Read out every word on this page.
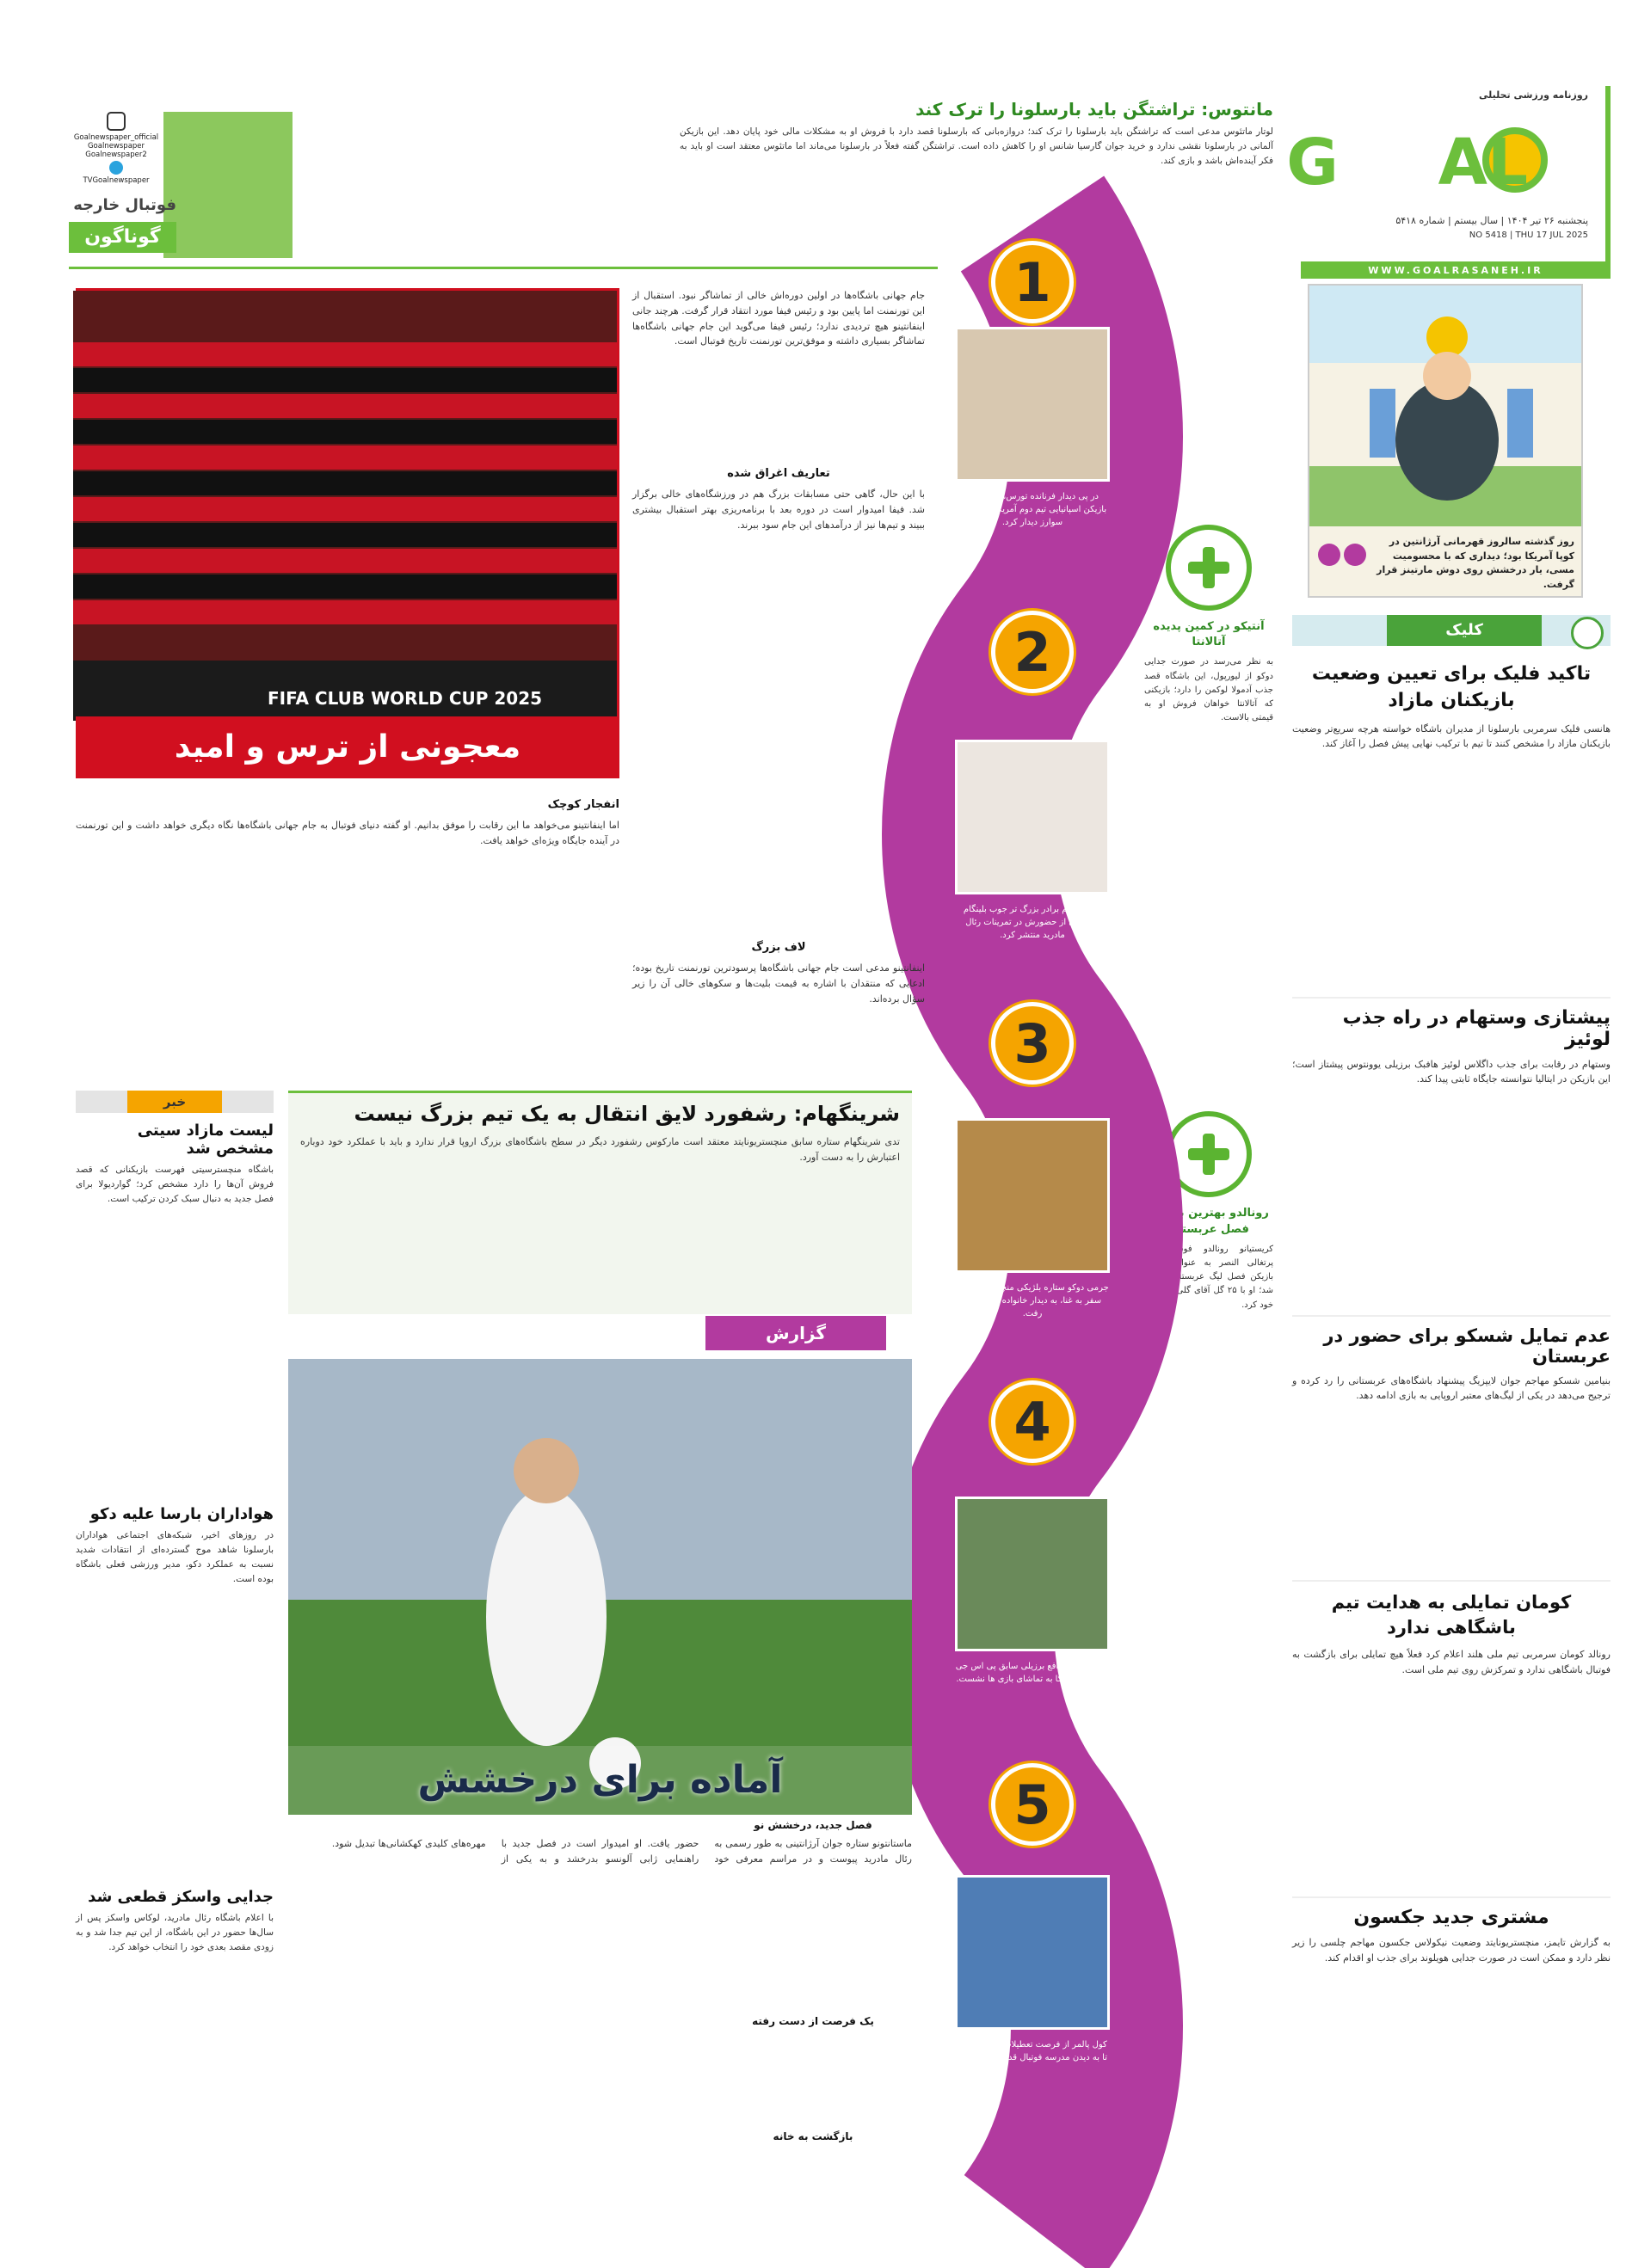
روزنامه ورزشی تحلیلی
G AL
پنجشنبه ۲۶ تیر ۱۴۰۴ | سال بیستم | شماره ۵۴۱۸
NO 5418 | THU 17 JUL 2025
WWW.GOALRASANEH.IR
مانتوس: تراشتگن باید بارسلونا را ترک کند
لوتار ماتئوس مدعی است که تراشتگن باید بارسلونا را ترک کند؛ دروازه‌بانی که بارسلونا قصد دارد با فروش او به مشکلات مالی خود پایان دهد. این بازیکن آلمانی در بارسلونا نقشی ندارد و خرید جوان گارسیا شانس او را کاهش داده است. تراشتگن گفته فعلاً در بارسلونا می‌ماند اما ماتئوس معتقد است او باید به فکر آینده‌اش باشد و بازی کند.
فوتبال خارجه
گوناگون
Goalnewspaper_official
Goalnewspaper
Goalnewspaper2
TVGoalnewspaper
روز گذشته سالروز قهرمانی آرژانتین در کوپا آمریکا بود؛ دیداری که با محسومیت مسی، یار درخشش روی دوش مارتینز قرار گرفت.
کلیک
تاکید فلیک برای تعیین وضعیت بازیکنان مازاد
هانسی فلیک سرمربی بارسلونا از مدیران باشگاه خواسته هرچه سریع‌تر وضعیت بازیکنان مازاد را مشخص کنند تا تیم با ترکیب نهایی پیش فصل را آغاز کند.
پیشتازی وستهام در راه جذب لوئیز
وستهام در رقابت برای جذب داگلاس لوئیز هافبک برزیلی یوونتوس پیشتاز است؛ این بازیکن در ایتالیا نتوانسته جایگاه ثابتی پیدا کند.
عدم تمایل شسکو برای حضور در عربستان
بنیامین شسکو مهاجم جوان لایپزیگ پیشنهاد باشگاه‌های عربستانی را رد کرده و ترجیح می‌دهد در یکی از لیگ‌های معتبر اروپایی به بازی ادامه دهد.
کومان تمایلی به هدایت تیم باشگاهی ندارد
رونالد کومان سرمربی تیم ملی هلند اعلام کرد فعلاً هیچ تمایلی برای بازگشت به فوتبال باشگاهی ندارد و تمرکزش روی تیم ملی است.
مشتری جدید جکسون
به گزارش تایمز، منچستریونایتد وضعیت نیکولاس جکسون مهاجم چلسی را زیر نظر دارد و ممکن است در صورت جدایی هویلوند برای جذب او اقدام کند.
آنتیکو در کمین پدیده آتالانتا
به نظر می‌رسد در صورت جدایی دوکو از لیورپول، این باشگاه قصد جذب آدمولا لوکمن را دارد؛ بازیکنی که آتالانتا خواهان فروش او به قیمتی بالاست.
رونالدو بهترین بازیکن فصل عربستان
کریستیانو رونالدو فوق ستاره پرتغالی النصر به عنوان بهترین بازیکن فصل لیگ عربستان انتخاب شد؛ او با ۲۵ گل آقای گلی را از آن خود کرد.
1
در پی دیدار فرنانده تورس، سرخی‌ها، بازیکن اسپانیایی تیم دوم آمریکا با مسی و سوارز دیدار کرد.
2
جود بلینگام برادر بزرگ تر جوب بلینگام تصاویری از حضورش در تمرینات رئال مادرید منتشر کرد.
3
جرمی دوکو ستاره بلژیکی منچسترسیتی در سفر به غنا، به دیدار خانواده و اقوامش رفت.
4
لوئیز ژرمن مدافع برزیلی سابق پی اس جی در لباس آمریکا به تماشای بازی ها نشست.
5
کول پالمر از فرصت تعطیلات استفاده کرد تا به دیدن مدرسه فوتبال قدیمی اش برود.
FIFA CLUB WORLD CUP 2025
معجونی از ترس و امید
جام جهانی باشگاه‌ها در اولین دوره‌اش خالی از تماشاگر نبود. استقبال از این تورنمنت اما پایین بود و رئیس فیفا مورد انتقاد قرار گرفت. هرچند جانی اینفانتینو هیچ تردیدی ندارد؛ رئیس فیفا می‌گوید این جام جهانی باشگاه‌ها تماشاگر بسیاری داشته و موفق‌ترین تورنمنت تاریخ فوتبال است.
تعاریف اغراق شده
با این حال، گاهی حتی مسابقات بزرگ هم در ورزشگاه‌های خالی برگزار شد. فیفا امیدوار است در دوره بعد با برنامه‌ریزی بهتر استقبال بیشتری ببیند و تیم‌ها نیز از درآمدهای این جام سود ببرند.
لاف بزرگ
اینفانتینو مدعی است جام جهانی باشگاه‌ها پرسودترین تورنمنت تاریخ بوده؛ ادعایی که منتقدان با اشاره به قیمت بلیت‌ها و سکوهای خالی آن را زیر سؤال برده‌اند.
انفجار کوچک
اما اینفانتینو می‌خواهد ما این رقابت را موفق بدانیم. او گفته دنیای فوتبال به جام جهانی باشگاه‌ها نگاه دیگری خواهد داشت و این تورنمنت در آینده جایگاه ویژه‌ای خواهد یافت.
شرینگهام: رشفورد لایق انتقال به یک تیم بزرگ نیست
تدی شرینگهام ستاره سابق منچستریونایتد معتقد است مارکوس رشفورد دیگر در سطح باشگاه‌های بزرگ اروپا قرار ندارد و باید با عملکرد خود دوباره اعتبارش را به دست آورد.
گزارش
آماده برای درخشش
فصل جدید، درخشش نو
ماستانتونو ستاره جوان آرژانتینی به طور رسمی به رئال مادرید پیوست و در مراسم معرفی خود حضور یافت. او امیدوار است در فصل جدید با راهنمایی ژابی آلونسو بدرخشد و به یکی از مهره‌های کلیدی کهکشانی‌ها تبدیل شود.
یک فرصت از دست رفته
بازگشت به خانه
خبر
لیست مازاد سیتی مشخص شد
باشگاه منچسترسیتی فهرست بازیکنانی که قصد فروش آن‌ها را دارد مشخص کرد؛ گواردیولا برای فصل جدید به دنبال سبک کردن ترکیب است.
هواداران بارسا علیه دکو
در روزهای اخیر، شبکه‌های اجتماعی هواداران بارسلونا شاهد موج گسترده‌ای از انتقادات شدید نسبت به عملکرد دکو، مدیر ورزشی فعلی باشگاه بوده است.
جدایی واسکز قطعی شد
با اعلام باشگاه رئال مادرید، لوکاس واسکز پس از سال‌ها حضور در این باشگاه، از این تیم جدا شد و به زودی مقصد بعدی خود را انتخاب خواهد کرد.
